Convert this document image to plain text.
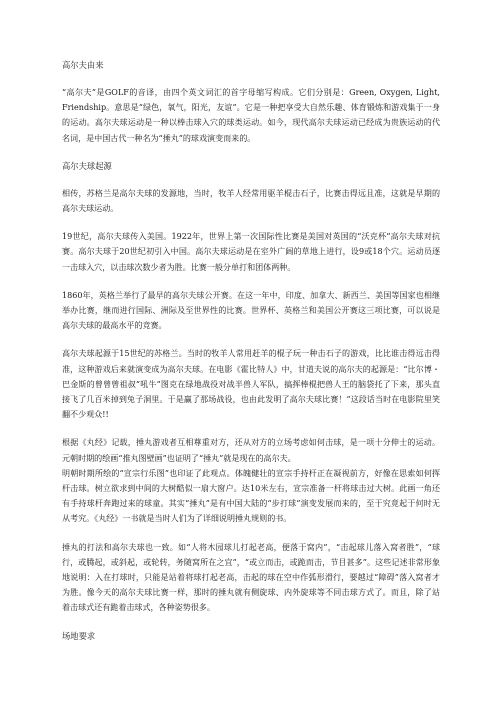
高尔夫由来

“高尔夫”是GOLF的音译，由四个英文词汇的首字母缩写构成。它们分别是：Green, Oxygen, Light, Friendship。意思是“绿色，氧气，阳光，友谊”。它是一种把享受大自然乐趣、体育锻炼和游戏集于一身的运动。高尔夫球运动是一种以棒击球入穴的球类运动。如今，现代高尔夫球运动已经成为贵族运动的代名词，是中国古代一种名为“捶丸”的球戏演变而来的。

高尔夫球起源

相传，苏格兰是高尔夫球的发源地，当时，牧羊人经常用驱羊棍击石子，比赛击得远且准，这就是早期的高尔夫球运动。

19世纪，高尔夫球传入美国。1922年，世界上第一次国际性比赛是美国对英国的“沃克杯”高尔夫球对抗赛。高尔夫球于20世纪初引入中国。高尔夫球运动是在室外广阔的草地上进行，设9或18个穴。运动员逐一击球入穴，以击球次数少者为胜。比赛一般分单打和团体两种。

1860年，英格兰举行了最早的高尔夫球公开赛。在这一年中，印度、加拿大、新西兰、美国等国家也相继举办比赛，继而进行国际、洲际及至世界性的比赛。世界杯、英格兰和美国公开赛这三项比赛，可以说是高尔夫球的最高水平的竞赛。

高尔夫球起源于15世纪的苏格兰。当时的牧羊人常用赶羊的棍子玩一种击石子的游戏，比比谁击得远击得准，这种游戏后来就演变成为高尔夫球。在电影《霍比特人》中，甘道夫说的高尔夫的起源是：“比尔博・巴金斯的曾曾曾祖叔“吼牛”图克在绿地战役对战半兽人军队，搞挥棒棍把兽人王的脑袋托了下来，那头直接飞了几百米掉到兔子洞里。于是赢了那场战役，也由此发明了高尔夫球比赛！”这段话当时在电影院里笑翻不少观众!!

根据《丸经》记载，捶丸游戏者互相尊重对方，还从对方的立场考虑如何击球，是一项十分伸士的运动。元朝时期的绘画“推丸图壁画”也证明了“捶丸”就是现在的高尔夫。

明朝时期所绘的“宣宗行乐图”也印证了此观点。体魄健壮的宣宗手持杆正在凝视前方，好像在思索如何挥杆击球。树立欲求到中间的大树酷似一扇大窗户。达10米左右，宣宗准备一杆将球击过大树。此画一角还有手持球杆奔跑过来的球童。其实“捶丸”是有中国大陆的“步打球”演变发展而来的，至于究竟起于何时无从考究。《丸经》一书就是当时人们为了详细说明捶丸规则的书。

捶丸的打法和高尔夫球也一致。如“人将木园球儿打起老高，便落于窝内”，“击起球儿落入窝者胜”，“球行，或腾起，或斜起，或轮转，务随窝所在之宜”，“或立而击，或跪而击，节目甚多”。这些记述非常形象地说明：入在打球时，只能是站着将球打起老高，击起的球在空中作弧形滑行，要越过“障碍”落入窝者才为胜。像今天的高尔夫球比赛一样，那时的捶丸就有侧旋球、内外旋球等不同击球方式了。而且，除了站着击球式还有跪着击球式，各种姿势很多。

场地要求
